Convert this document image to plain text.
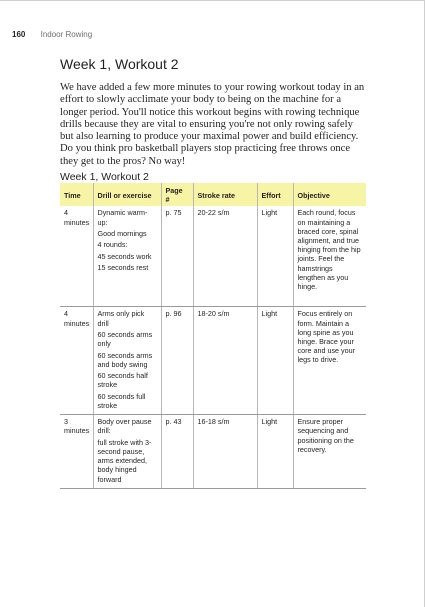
160 Indoor Rowing
Week 1, Workout 2

We have added a few more minutes to your rowing workout today in an effort to slowly acclimate your body to being on the machine for a longer period. You'll notice this workout begins with rowing technique drills because they are vital to ensuring you're not only rowing safely but also learning to produce your maximal power and build efficiency. Do you think pro basketball players stop practicing free throws once they get to the pros? No way!

Week 1, Workout 2
Time	Drill or exercise	Page #	Stroke rate	Effort	Objective
4 minutes	Dynamic warm-up:
Good mornings
4 rounds:
45 seconds work
15 seconds rest	p. 75	20-22 s/m	Light	Each round, focus on maintaining a braced core, spinal alignment, and true hinging from the hip joints. Feel the hamstrings lengthen as you hinge.
4 minutes	Arms only pick drill
60 seconds arms only
60 seconds arms and body swing
60 seconds half stroke
60 seconds full stroke	p. 96	18-20 s/m	Light	Focus entirely on form. Maintain a long spine as you hinge. Brace your core and use your legs to drive.
3 minutes	Body over pause drill:
full stroke with 3-second pause, arms extended, body hinged forward	p. 43	16-18 s/m	Light	Ensure proper sequencing and positioning on the recovery.
